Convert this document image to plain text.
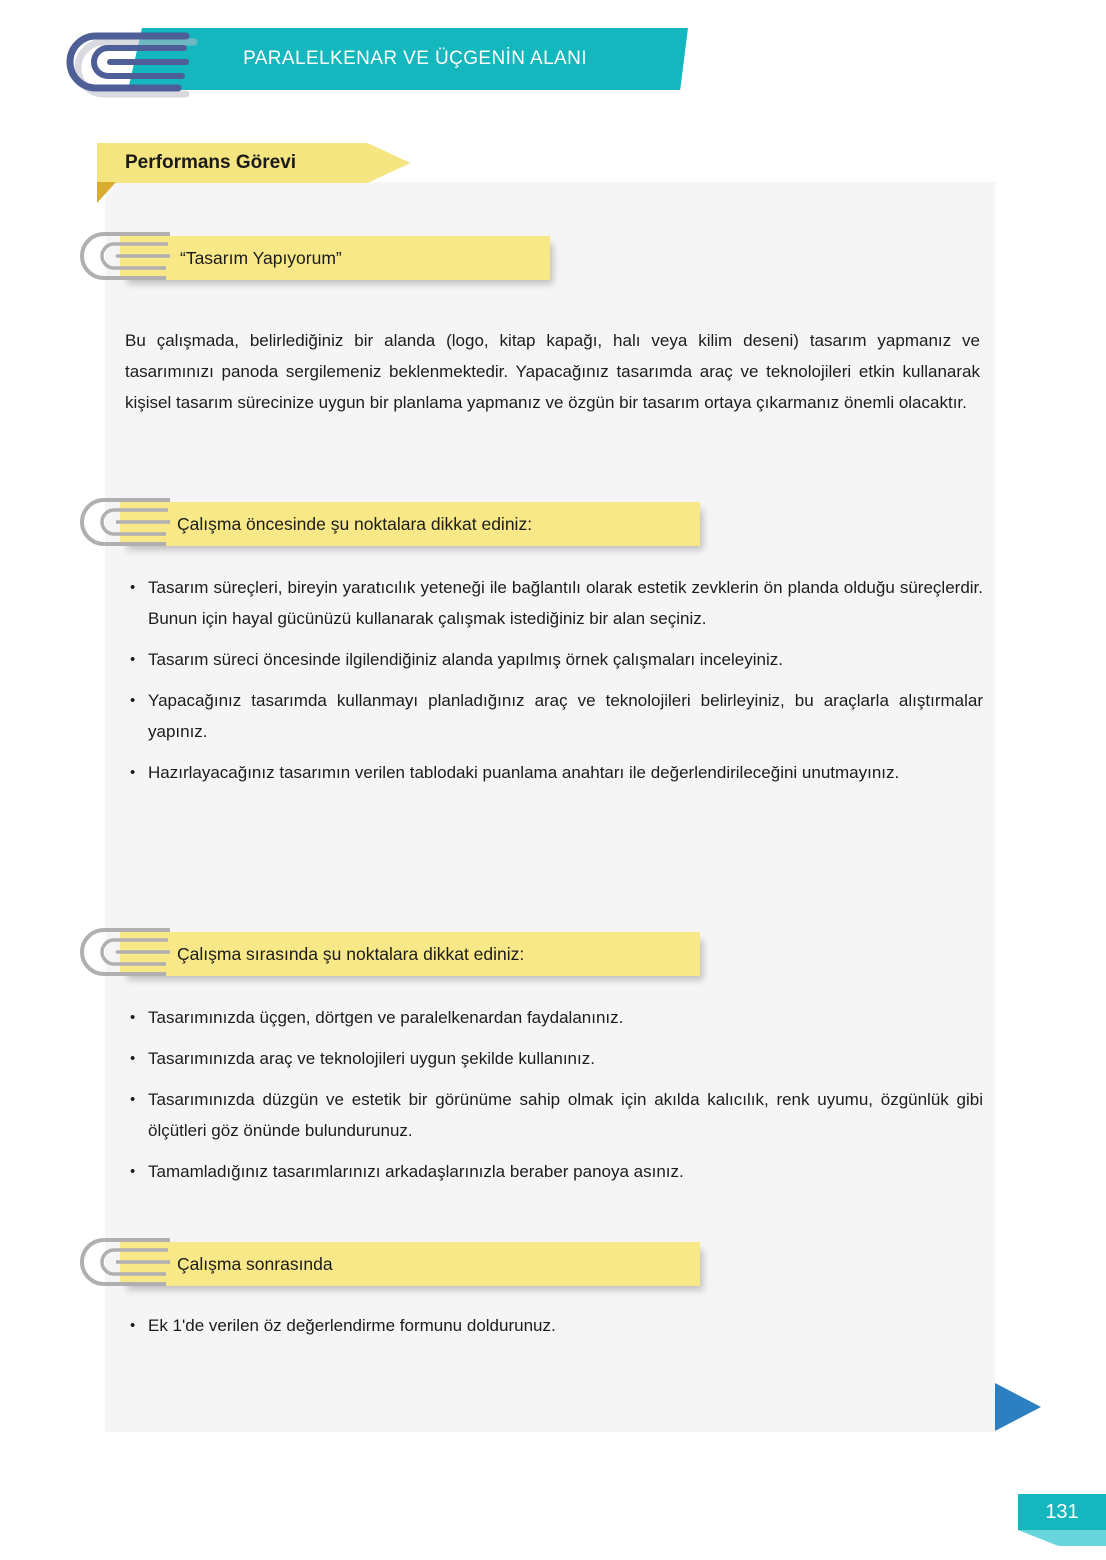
PARALELKENAR VE ÜÇGENİN ALANI
Performans Görevi
“Tasarım Yapıyorum”
Bu çalışmada, belirlediğiniz bir alanda (logo, kitap kapağı, halı veya kilim deseni) tasarım yapmanız ve tasarımınızı panoda sergilemeniz beklenmektedir. Yapacağınız tasarımda araç ve teknolojileri etkin kullanarak kişisel tasarım sürecinize uygun bir planlama yapmanız ve özgün bir tasarım ortaya çıkarmanız önemli olacaktır.
Çalışma öncesinde şu noktalara dikkat ediniz:
• Tasarım süreçleri, bireyin yaratıcılık yeteneği ile bağlantılı olarak estetik zevklerin ön planda olduğu süreçlerdir. Bunun için hayal gücünüzü kullanarak çalışmak istediğiniz bir alan seçiniz.
• Tasarım süreci öncesinde ilgilendiğiniz alanda yapılmış örnek çalışmaları inceleyiniz.
• Yapacağınız tasarımda kullanmayı planladığınız araç ve teknolojileri belirleyiniz, bu araçlarla alıştırmalar yapınız.
• Hazırlayacağınız tasarımın verilen tablodaki puanlama anahtarı ile değerlendirileceğini unutmayınız.
Çalışma sırasında şu noktalara dikkat ediniz:
• Tasarımınızda üçgen, dörtgen ve paralelkenardan faydalanınız.
• Tasarımınızda araç ve teknolojileri uygun şekilde kullanınız.
• Tasarımınızda düzgün ve estetik bir görünüme sahip olmak için akılda kalıcılık, renk uyumu, özgünlük gibi ölçütleri göz önünde bulundurunuz.
• Tamamladığınız tasarımlarınızı arkadaşlarınızla beraber panoya asınız.
Çalışma sonrasında
• Ek 1'de verilen öz değerlendirme formunu doldurunuz.
131
